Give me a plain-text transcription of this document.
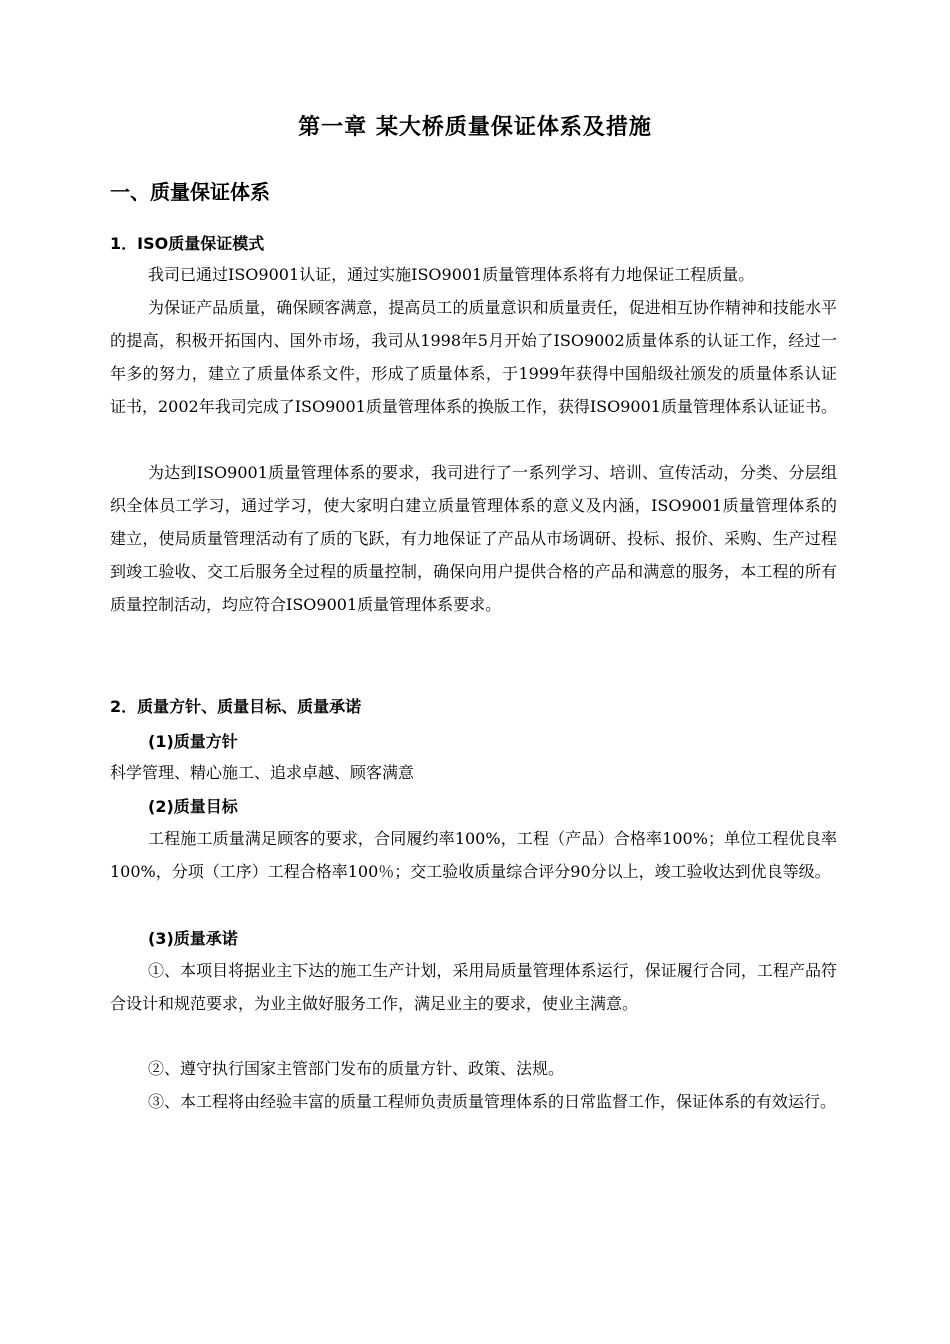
第一章 某大桥质量保证体系及措施
一、质量保证体系
1．ISO质量保证模式

我司已通过ISO9001认证，通过实施ISO9001质量管理体系将有力地保证工程质量。

为保证产品质量，确保顾客满意，提高员工的质量意识和质量责任，促进相互协作精神和技能水平的提高，积极开拓国内、国外市场，我司从1998年5月开始了ISO9002质量体系的认证工作，经过一年多的努力，建立了质量体系文件，形成了质量体系，于1999年获得中国船级社颁发的质量体系认证证书，2002年我司完成了ISO9001质量管理体系的换版工作，获得ISO9001质量管理体系认证证书。

为达到ISO9001质量管理体系的要求，我司进行了一系列学习、培训、宣传活动，分类、分层组织全体员工学习，通过学习，使大家明白建立质量管理体系的意义及内涵，ISO9001质量管理体系的建立，使局质量管理活动有了质的飞跃，有力地保证了产品从市场调研、投标、报价、采购、生产过程到竣工验收、交工后服务全过程的质量控制，确保向用户提供合格的产品和满意的服务，本工程的所有质量控制活动，均应符合ISO9001质量管理体系要求。

2．质量方针、质量目标、质量承诺
(1)质量方针

科学管理、精心施工、追求卓越、顾客满意

(2)质量目标

工程施工质量满足顾客的要求，合同履约率100%，工程（产品）合格率100%；单位工程优良率100%，分项（工序）工程合格率100％；交工验收质量综合评分90分以上，竣工验收达到优良等级。

(3)质量承诺

①、本项目将据业主下达的施工生产计划，采用局质量管理体系运行，保证履行合同，工程产品符合设计和规范要求，为业主做好服务工作，满足业主的要求，使业主满意。

②、遵守执行国家主管部门发布的质量方针、政策、法规。

③、本工程将由经验丰富的质量工程师负责质量管理体系的日常监督工作，保证体系的有效运行。
